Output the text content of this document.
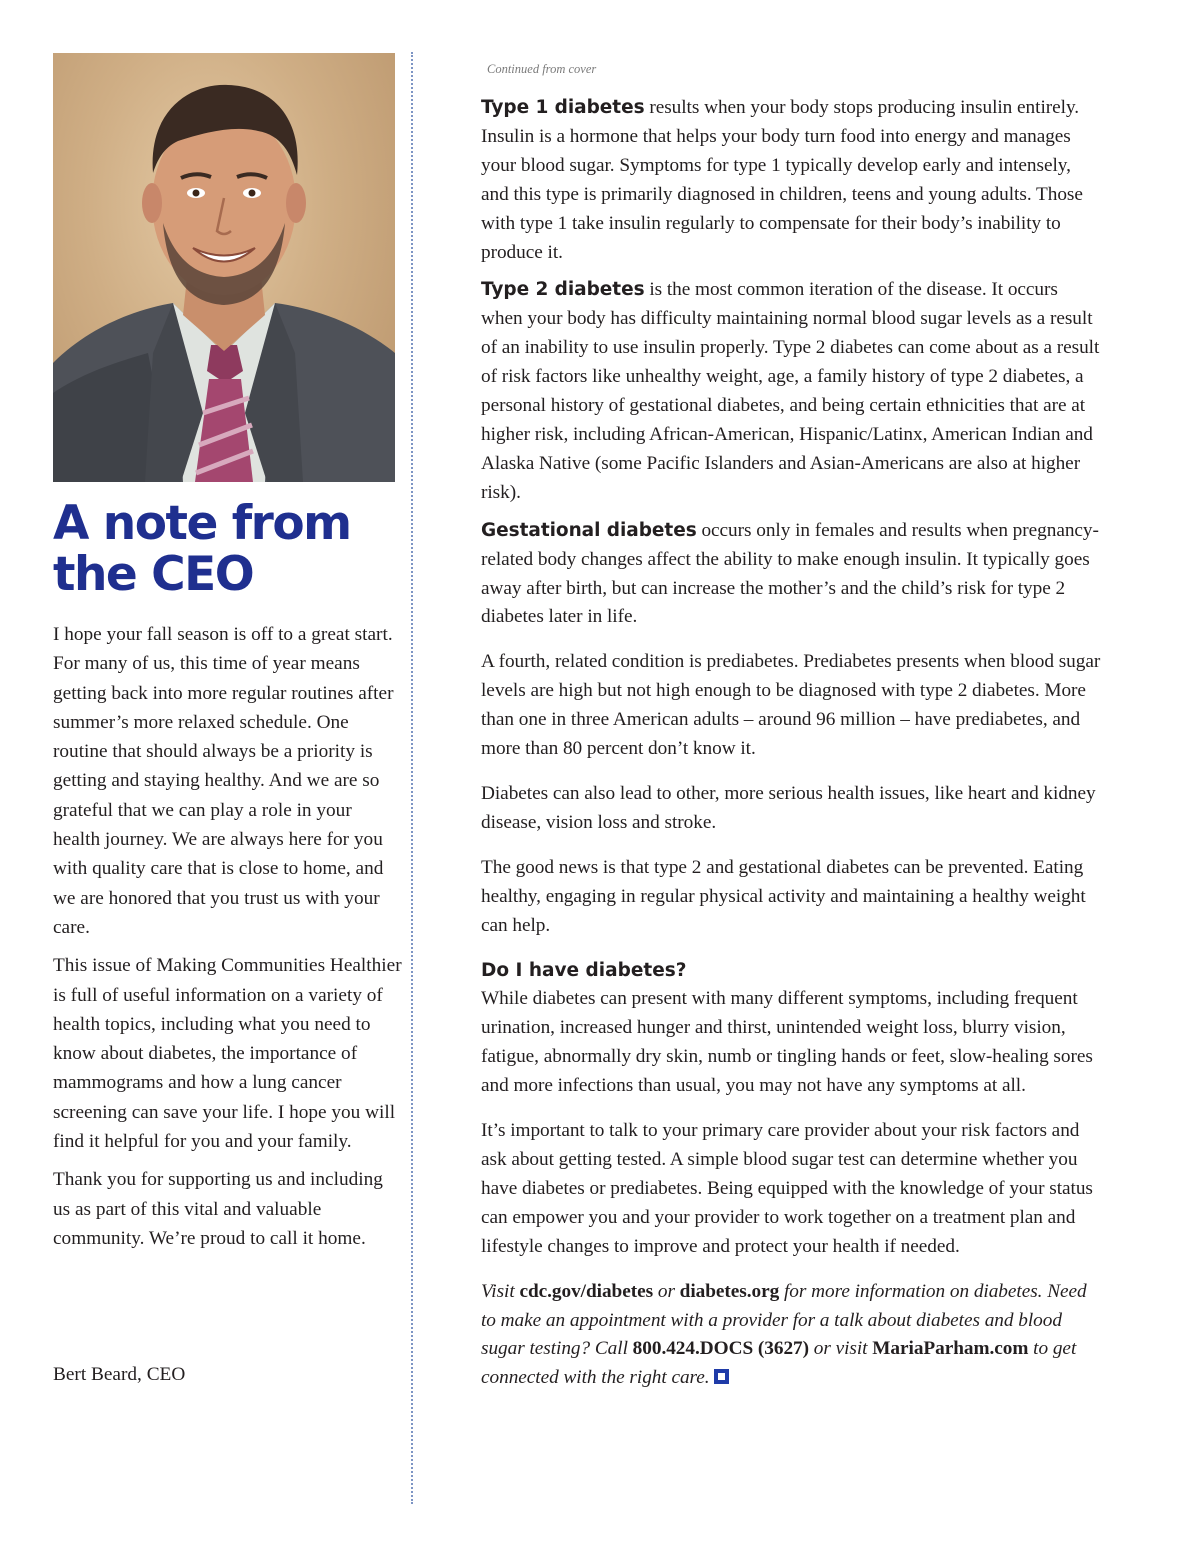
A note from
the CEO

I hope your fall season is off to a great start. For many of us, this time of year means getting back into more regular routines after summer’s more relaxed schedule. One routine that should always be a priority is getting and staying healthy. And we are so grateful that we can play a role in your health journey. We are always here for you with quality care that is close to home, and we are honored that you trust us with your care.

This issue of Making Communities Healthier is full of useful information on a variety of health topics, including what you need to know about diabetes, the importance of mammograms and how a lung cancer screening can save your life. I hope you will find it helpful for you and your family.

Thank you for supporting us and including us as part of this vital and valuable community. We’re proud to call it home.

Bert Beard, CEO
Continued from cover

Type 1 diabetes results when your body stops producing insulin entirely. Insulin is a hormone that helps your body turn food into energy and manages your blood sugar. Symptoms for type 1 typically develop early and intensely, and this type is primarily diagnosed in children, teens and young adults. Those with type 1 take insulin regularly to compensate for their body’s inability to produce it.

Type 2 diabetes is the most common iteration of the disease. It occurs when your body has difficulty maintaining normal blood sugar levels as a result of an inability to use insulin properly. Type 2 diabetes can come about as a result of risk factors like unhealthy weight, age, a family history of type 2 diabetes, a personal history of gestational diabetes, and being certain ethnicities that are at higher risk, including African-American, Hispanic/Latinx, American Indian and Alaska Native (some Pacific Islanders and Asian-Americans are also at higher risk).

Gestational diabetes occurs only in females and results when pregnancy-related body changes affect the ability to make enough insulin. It typically goes away after birth, but can increase the mother’s and the child’s risk for type 2 diabetes later in life.

A fourth, related condition is prediabetes. Prediabetes presents when blood sugar levels are high but not high enough to be diagnosed with type 2 diabetes. More than one in three American adults – around 96 million – have prediabetes, and more than 80 percent don’t know it.

Diabetes can also lead to other, more serious health issues, like heart and kidney disease, vision loss and stroke.

The good news is that type 2 and gestational diabetes can be prevented. Eating healthy, engaging in regular physical activity and maintaining a healthy weight can help.

Do I have diabetes?

While diabetes can present with many different symptoms, including frequent urination, increased hunger and thirst, unintended weight loss, blurry vision, fatigue, abnormally dry skin, numb or tingling hands or feet, slow-healing sores and more infections than usual, you may not have any symptoms at all.

It’s important to talk to your primary care provider about your risk factors and ask about getting tested. A simple blood sugar test can determine whether you have diabetes or prediabetes. Being equipped with the knowledge of your status can empower you and your provider to work together on a treatment plan and lifestyle changes to improve and protect your health if needed.

Visit cdc.gov/diabetes or diabetes.org for more information on diabetes. Need to make an appointment with a provider for a talk about diabetes and blood sugar testing? Call 800.424.DOCS (3627) or visit MariaParham.com to get connected with the right care.
